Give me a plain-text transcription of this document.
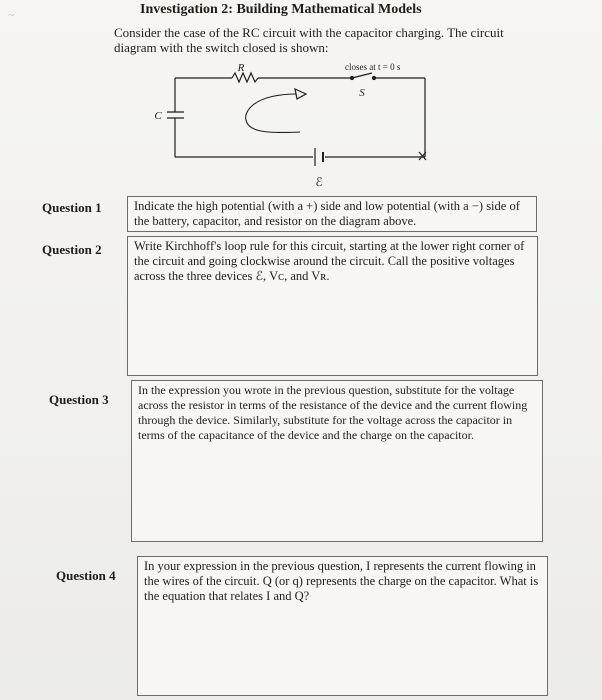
~	Investigation 2: Building Mathematical Models
Consider the case of the RC circuit with the capacitor charging. The circuit diagram with the switch closed is shown:
R
C
closes at t = 0 s
S
ℰ
Question 1	Indicate the high potential (with a +) side and low potential (with a −) side of the battery, capacitor, and resistor on the diagram above.
Question 2	Write Kirchhoff's loop rule for this circuit, starting at the lower right corner of the circuit and going clockwise around the circuit. Call the positive voltages across the three devices ℰ, Vᴄ, and Vʀ.
Question 3
In the expression you wrote in the previous question, substitute for the voltage across the resistor in terms of the resistance of the device and the current flowing through the device. Similarly, substitute for the voltage across the capacitor in terms of the capacitance of the device and the charge on the capacitor.
Question 4
In your expression in the previous question, I represents the current flowing in the wires of the circuit. Q (or q) represents the charge on the capacitor. What is the equation that relates I and Q?
